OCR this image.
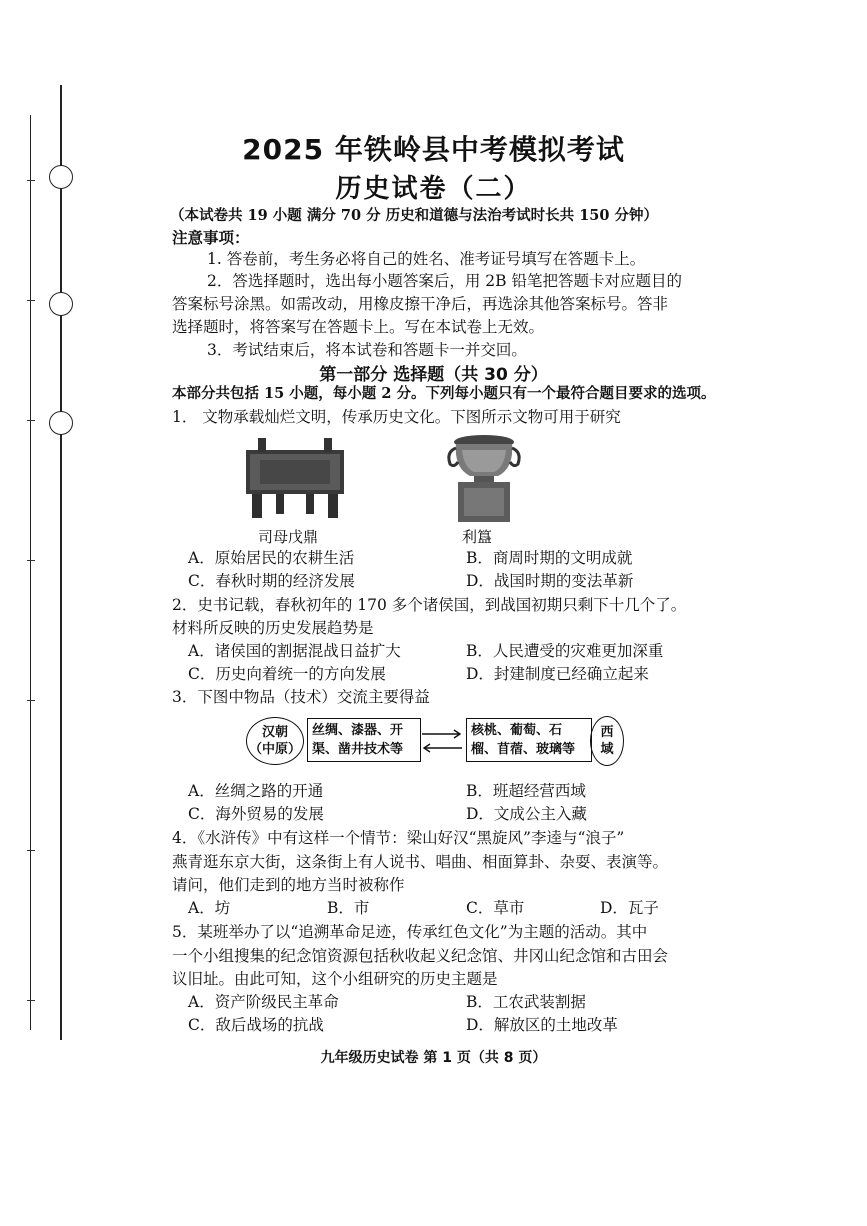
2025 年铁岭县中考模拟考试
历史试卷（二）
（本试卷共 19 小题 满分 70 分 历史和道德与法治考试时长共 150 分钟）
注意事项：
1. 答卷前，考生务必将自己的姓名、准考证号填写在答题卡上。
2．答选择题时，选出每小题答案后，用 2B 铅笔把答题卡对应题目的
答案标号涂黑。如需改动，用橡皮擦干净后，再选涂其他答案标号。答非
选择题时，将答案写在答题卡上。写在本试卷上无效。
3．考试结束后，将本试卷和答题卡一并交回。
第一部分 选择题（共 30 分）
本部分共包括 15 小题，每小题 2 分。下列每小题只有一个最符合题目要求的选项。
1． 文物承载灿烂文明，传承历史文化。下图所示文物可用于研究
司母戊鼎	利簋
A．原始居民的农耕生活	B．商周时期的文明成就
C．春秋时期的经济发展	D．战国时期的变法革新
2．史书记载，春秋初年的 170 多个诸侯国，到战国初期只剩下十几个了。
材料所反映的历史发展趋势是
A．诸侯国的割据混战日益扩大	B．人民遭受的灾难更加深重
C．历史向着统一的方向发展	D．封建制度已经确立起来
3．下图中物品（技术）交流主要得益
汉朝
（中原）
丝绸、漆器、开
渠、凿井技术等
核桃、葡萄、石
榴、苜蓿、玻璃等
西
域
A．丝绸之路的开通	B．班超经营西域
C．海外贸易的发展	D．文成公主入藏
4．《水浒传》中有这样一个情节：梁山好汉“黑旋风”李逵与“浪子”
燕青逛东京大街，这条街上有人说书、唱曲、相面算卦、杂耍、表演等。
请问，他们走到的地方当时被称作
A．坊	B．市	C．草市	D．瓦子
5．某班举办了以“追溯革命足迹，传承红色文化”为主题的活动。其中
一个小组搜集的纪念馆资源包括秋收起义纪念馆、井冈山纪念馆和古田会
议旧址。由此可知，这个小组研究的历史主题是
A．资产阶级民主革命	B．工农武装割据
C．敌后战场的抗战	D．解放区的土地改革
九年级历史试卷 第 1 页（共 8 页）
